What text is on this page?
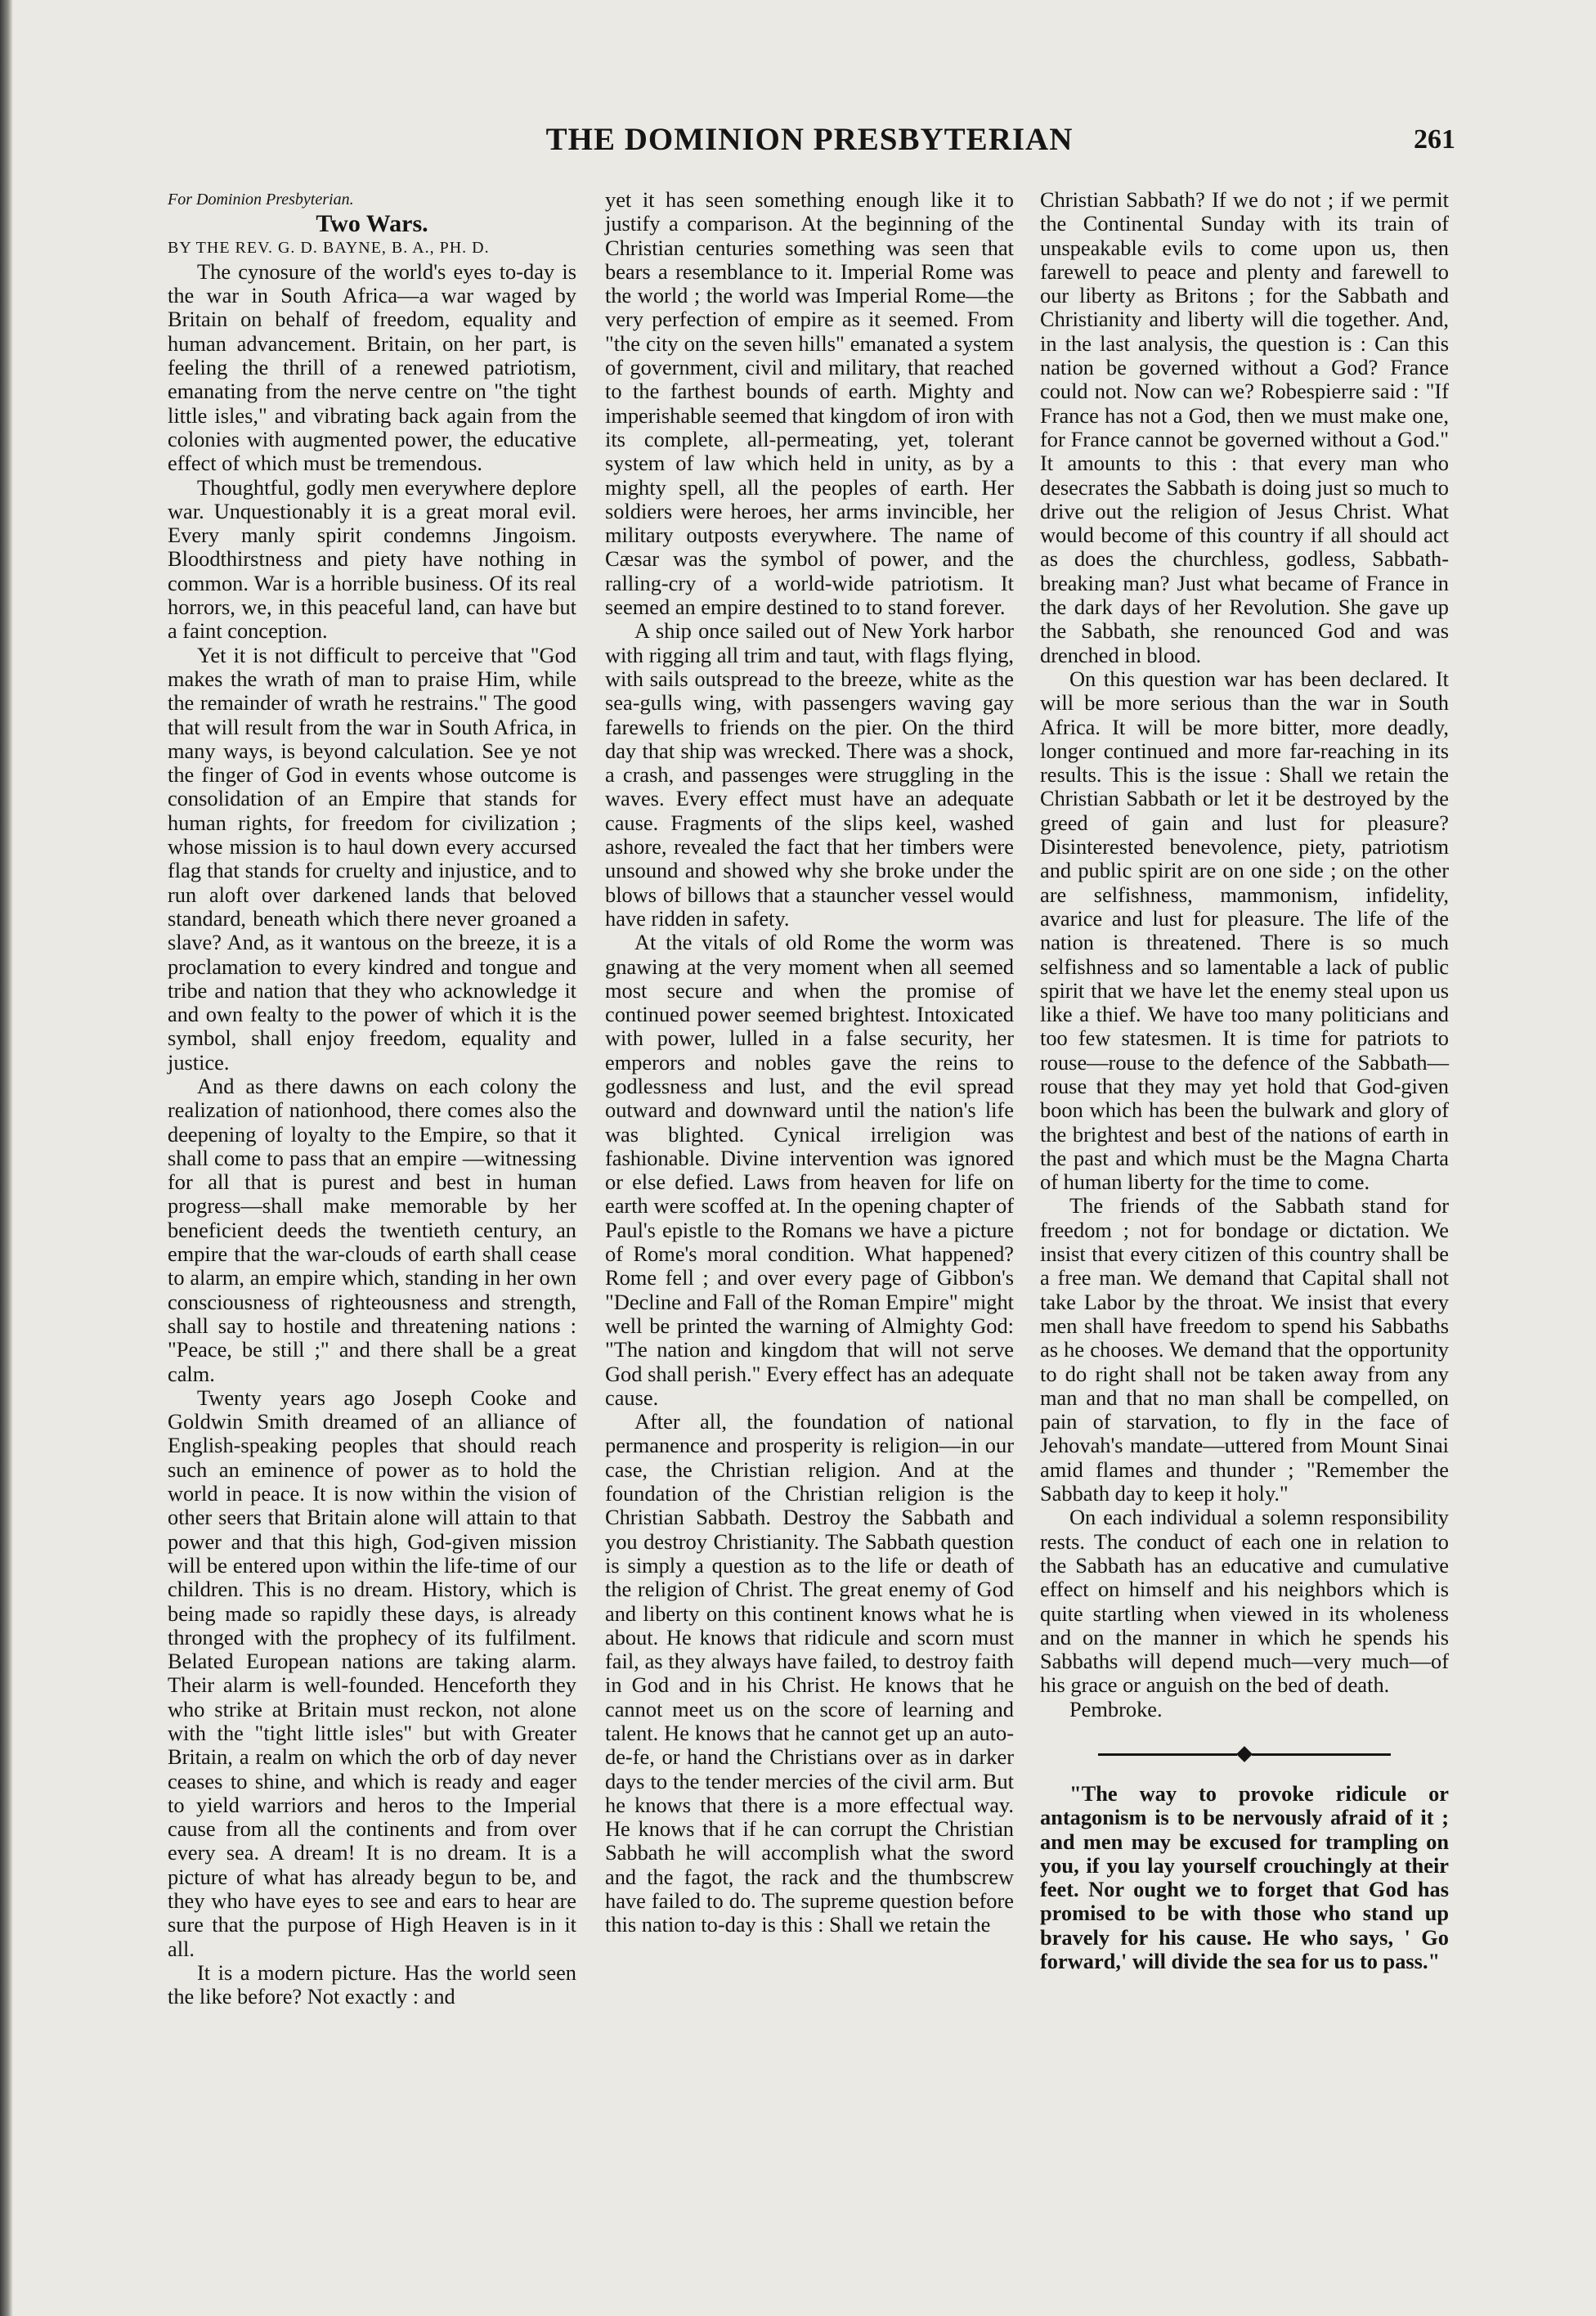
THE DOMINION PRESBYTERIAN	261

For Dominion Presbyterian.

Two Wars.

BY THE REV. G. D. BAYNE, B. A., PH. D.

The cynosure of the world's eyes to-day is the war in South Africa—a war waged by Britain on behalf of freedom, equality and human advancement. Britain, on her part, is feeling the thrill of a renewed patriotism, emanating from the nerve centre on "the tight little isles," and vibrating back again from the colonies with augmented power, the educative effect of which must be tremendous.

Thoughtful, godly men everywhere deplore war. Unquestionably it is a great moral evil. Every manly spirit condemns Jingoism. Bloodthirstness and piety have nothing in common. War is a horrible business. Of its real horrors, we, in this peaceful land, can have but a faint conception.

Yet it is not difficult to perceive that "God makes the wrath of man to praise Him, while the remainder of wrath he restrains." The good that will result from the war in South Africa, in many ways, is beyond calculation. See ye not the finger of God in events whose outcome is consolidation of an Empire that stands for human rights, for freedom for civilization ; whose mission is to haul down every accursed flag that stands for cruelty and injustice, and to run aloft over darkened lands that beloved standard, beneath which there never groaned a slave? And, as it wantous on the breeze, it is a proclamation to every kindred and tongue and tribe and nation that they who acknowledge it and own fealty to the power of which it is the symbol, shall enjoy freedom, equality and justice.

And as there dawns on each colony the realization of nationhood, there comes also the deepening of loyalty to the Empire, so that it shall come to pass that an empire —witnessing for all that is purest and best in human progress—shall make memorable by her beneficient deeds the twentieth century, an empire that the war-clouds of earth shall cease to alarm, an empire which, standing in her own consciousness of righteousness and strength, shall say to hostile and threatening nations : "Peace, be still ;" and there shall be a great calm.

Twenty years ago Joseph Cooke and Goldwin Smith dreamed of an alliance of English-speaking peoples that should reach such an eminence of power as to hold the world in peace. It is now within the vision of other seers that Britain alone will attain to that power and that this high, God-given mission will be entered upon within the life-time of our children. This is no dream. History, which is being made so rapidly these days, is already thronged with the prophecy of its fulfilment. Belated European nations are taking alarm. Their alarm is well-founded. Henceforth they who strike at Britain must reckon, not alone with the "tight little isles" but with Greater Britain, a realm on which the orb of day never ceases to shine, and which is ready and eager to yield warriors and heros to the Imperial cause from all the continents and from over every sea. A dream! It is no dream. It is a picture of what has already begun to be, and they who have eyes to see and ears to hear are sure that the purpose of High Heaven is in it all.

It is a modern picture. Has the world seen the like before? Not exactly : and

yet it has seen something enough like it to justify a comparison. At the beginning of the Christian centuries something was seen that bears a resemblance to it. Imperial Rome was the world ; the world was Imperial Rome—the very perfection of empire as it seemed. From "the city on the seven hills" emanated a system of government, civil and military, that reached to the farthest bounds of earth. Mighty and imperishable seemed that kingdom of iron with its complete, all-permeating, yet, tolerant system of law which held in unity, as by a mighty spell, all the peoples of earth. Her soldiers were heroes, her arms invincible, her military outposts everywhere. The name of Cæsar was the symbol of power, and the ralling-cry of a world-wide patriotism. It seemed an empire destined to to stand forever.

A ship once sailed out of New York harbor with rigging all trim and taut, with flags flying, with sails outspread to the breeze, white as the sea-gulls wing, with passengers waving gay farewells to friends on the pier. On the third day that ship was wrecked. There was a shock, a crash, and passenges were struggling in the waves. Every effect must have an adequate cause. Fragments of the slips keel, washed ashore, revealed the fact that her timbers were unsound and showed why she broke under the blows of billows that a stauncher vessel would have ridden in safety.

At the vitals of old Rome the worm was gnawing at the very moment when all seemed most secure and when the promise of continued power seemed brightest. Intoxicated with power, lulled in a false security, her emperors and nobles gave the reins to godlessness and lust, and the evil spread outward and downward until the nation's life was blighted. Cynical irreligion was fashionable. Divine intervention was ignored or else defied. Laws from heaven for life on earth were scoffed at. In the opening chapter of Paul's epistle to the Romans we have a picture of Rome's moral condition. What happened? Rome fell ; and over every page of Gibbon's "Decline and Fall of the Roman Empire" might well be printed the warning of Almighty God: "The nation and kingdom that will not serve God shall perish." Every effect has an adequate cause.

After all, the foundation of national permanence and prosperity is religion—in our case, the Christian religion. And at the foundation of the Christian religion is the Christian Sabbath. Destroy the Sabbath and you destroy Christianity. The Sabbath question is simply a question as to the life or death of the religion of Christ. The great enemy of God and liberty on this continent knows what he is about. He knows that ridicule and scorn must fail, as they always have failed, to destroy faith in God and in his Christ. He knows that he cannot meet us on the score of learning and talent. He knows that he cannot get up an auto-de-fe, or hand the Christians over as in darker days to the tender mercies of the civil arm. But he knows that there is a more effectual way. He knows that if he can corrupt the Christian Sabbath he will accomplish what the sword and the fagot, the rack and the thumbscrew have failed to do. The supreme question before this nation to-day is this : Shall we retain the

Christian Sabbath? If we do not ; if we permit the Continental Sunday with its train of unspeakable evils to come upon us, then farewell to peace and plenty and farewell to our liberty as Britons ; for the Sabbath and Christianity and liberty will die together. And, in the last analysis, the question is : Can this nation be governed without a God? France could not. Now can we? Robespierre said : "If France has not a God, then we must make one, for France cannot be governed without a God." It amounts to this : that every man who desecrates the Sabbath is doing just so much to drive out the religion of Jesus Christ. What would become of this country if all should act as does the churchless, godless, Sabbath-breaking man? Just what became of France in the dark days of her Revolution. She gave up the Sabbath, she renounced God and was drenched in blood.

On this question war has been declared. It will be more serious than the war in South Africa. It will be more bitter, more deadly, longer continued and more far-reaching in its results. This is the issue : Shall we retain the Christian Sabbath or let it be destroyed by the greed of gain and lust for pleasure? Disinterested benevolence, piety, patriotism and public spirit are on one side ; on the other are selfishness, mammonism, infidelity, avarice and lust for pleasure. The life of the nation is threatened. There is so much selfishness and so lamentable a lack of public spirit that we have let the enemy steal upon us like a thief. We have too many politicians and too few statesmen. It is time for patriots to rouse—rouse to the defence of the Sabbath—rouse that they may yet hold that God-given boon which has been the bulwark and glory of the brightest and best of the nations of earth in the past and which must be the Magna Charta of human liberty for the time to come.

The friends of the Sabbath stand for freedom ; not for bondage or dictation. We insist that every citizen of this country shall be a free man. We demand that Capital shall not take Labor by the throat. We insist that every men shall have freedom to spend his Sabbaths as he chooses. We demand that the opportunity to do right shall not be taken away from any man and that no man shall be compelled, on pain of starvation, to fly in the face of Jehovah's mandate—uttered from Mount Sinai amid flames and thunder ; "Remember the Sabbath day to keep it holy."

On each individual a solemn responsibility rests. The conduct of each one in relation to the Sabbath has an educative and cumulative effect on himself and his neighbors which is quite startling when viewed in its wholeness and on the manner in which he spends his Sabbaths will depend much—very much—of his grace or anguish on the bed of death.

Pembroke.

"The way to provoke ridicule or antagonism is to be nervously afraid of it ; and men may be excused for trampling on you, if you lay yourself crouchingly at their feet. Nor ought we to forget that God has promised to be with those who stand up bravely for his cause. He who says, ' Go forward,' will divide the sea for us to pass."
